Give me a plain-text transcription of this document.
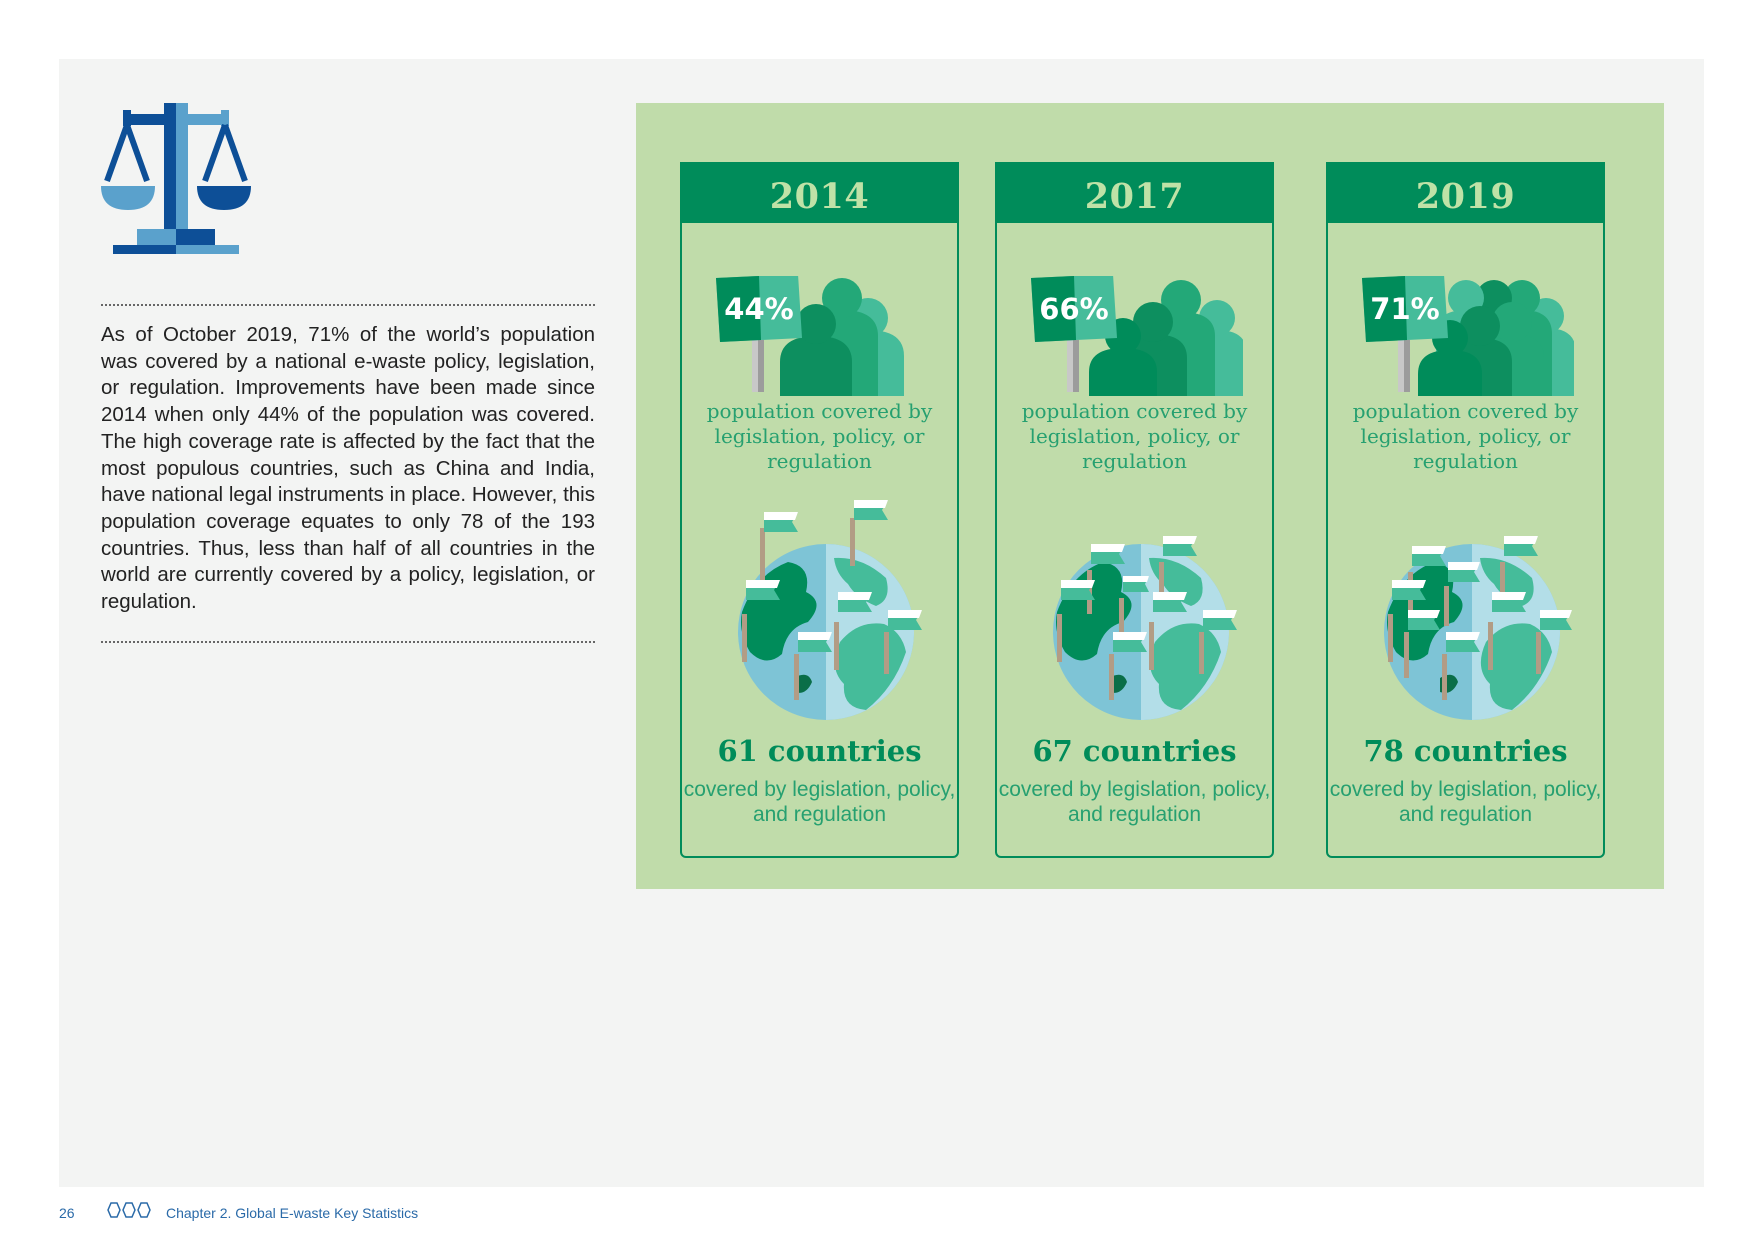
As of October 2019, 71% of the world’s population was covered by a national e-waste policy, legislation, or regulation. Improvements have been made since 2014 when only 44% of the population was covered. The high coverage rate is affected by the fact that the most populous countries, such as China and India, have national legal instruments in place. However, this population coverage equates to only 78 of the 193 countries. Thus, less than half of all countries in the world are currently covered by a policy, legislation, or regulation.

2014
44%

population covered by legislation, policy, or regulation

61 countries

covered by legislation, policy, and regulation

2017
66%

population covered by legislation, policy, or regulation

67 countries

covered by legislation, policy, and regulation

2019
71%

population covered by legislation, policy, or regulation

78 countries

covered by legislation, policy, and regulation

26	Chapter 2. Global E-waste Key Statistics
